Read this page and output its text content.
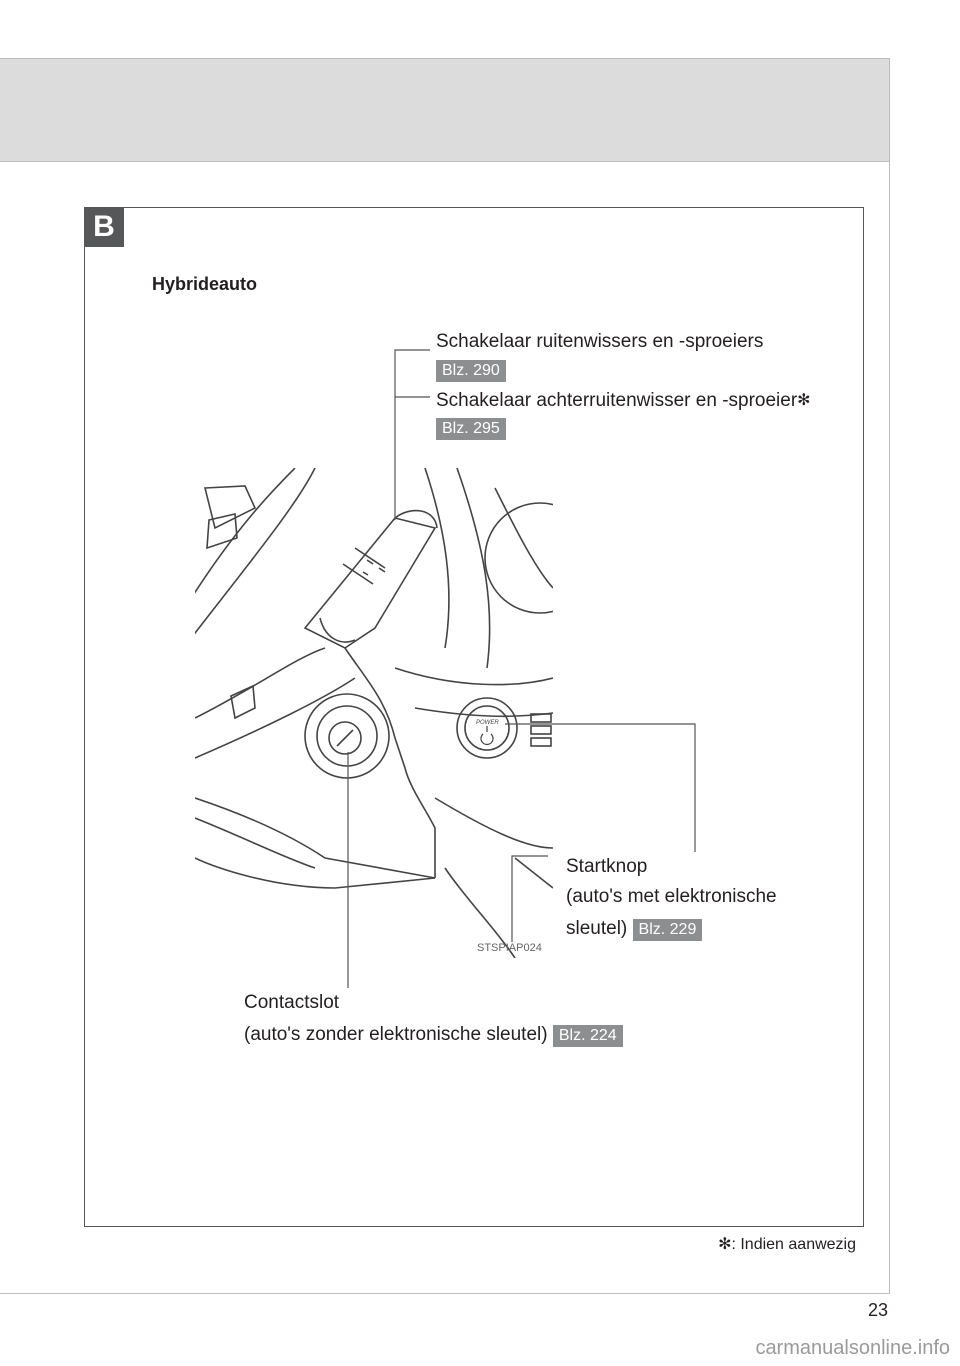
B
Hybrideauto
POWER
STSPIAP024
Schakelaar ruitenwissers en -sproeiers
Blz. 290
Schakelaar achterruitenwisser en -sproeier✻
Blz. 295
Startknop
(auto's met elektronische
sleutel) Blz. 229
Contactslot
(auto's zonder elektronische sleutel) Blz. 224
✻: Indien aanwezig
23
carmanualsonline.info
